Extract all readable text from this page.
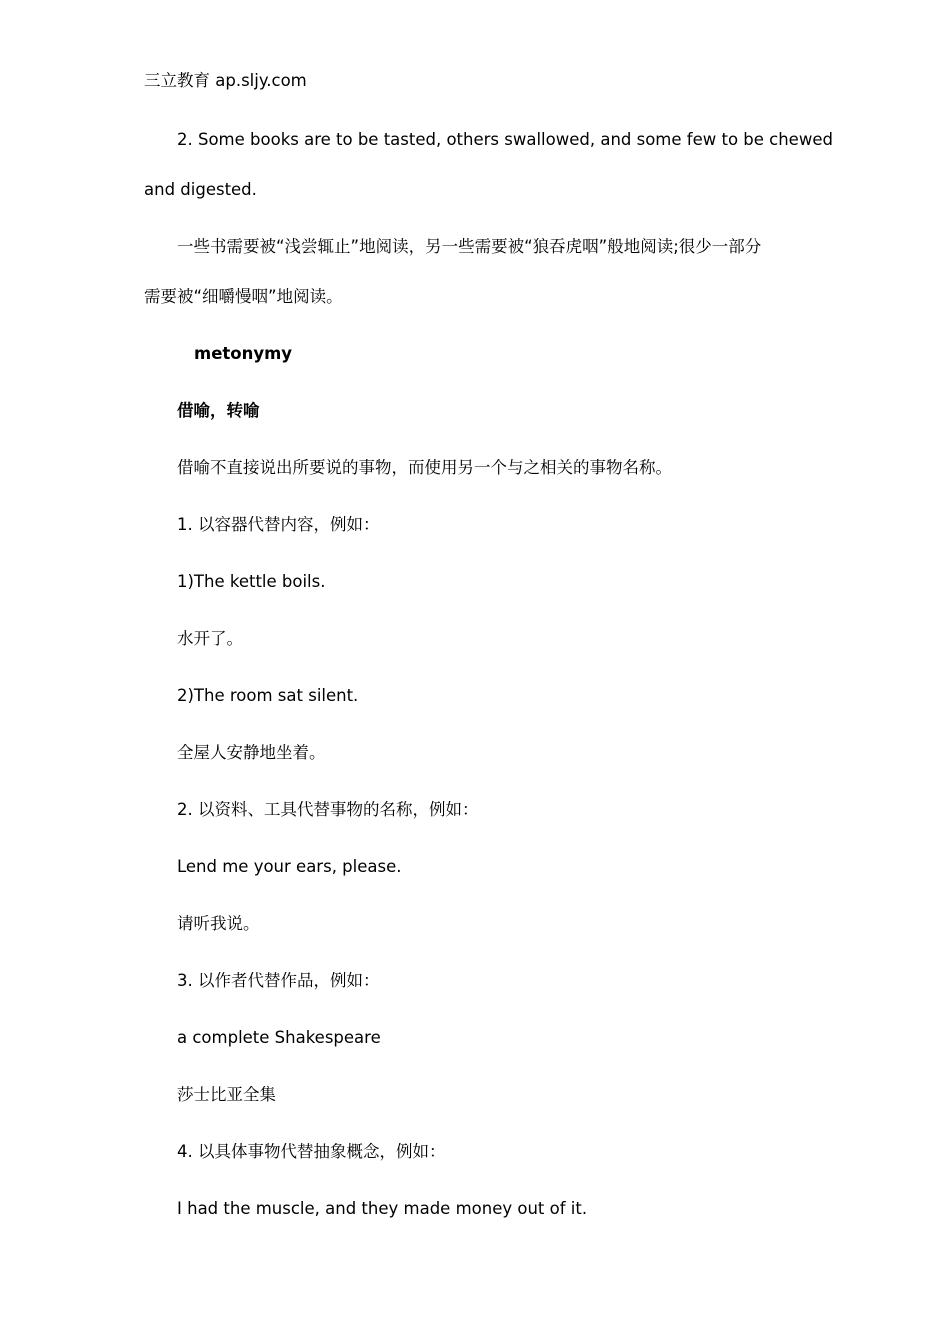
三立教育 ap.sljy.com
2. Some books are to be tasted, others swallowed, and some few to be chewed
and digested.
一些书需要被“浅尝辄止”地阅读，另一些需要被“狼吞虎咽”般地阅读;很少一部分
需要被“细嚼慢咽”地阅读。
metonymy
借喻，转喻
借喻不直接说出所要说的事物，而使用另一个与之相关的事物名称。
1. 以容器代替内容，例如：
1)The kettle boils.
水开了。
2)The room sat silent.
全屋人安静地坐着。
2. 以资料、工具代替事物的名称，例如：
Lend me your ears, please.
请听我说。
3. 以作者代替作品，例如：
a complete Shakespeare
莎士比亚全集
4. 以具体事物代替抽象概念，例如：
I had the muscle, and they made money out of it.
